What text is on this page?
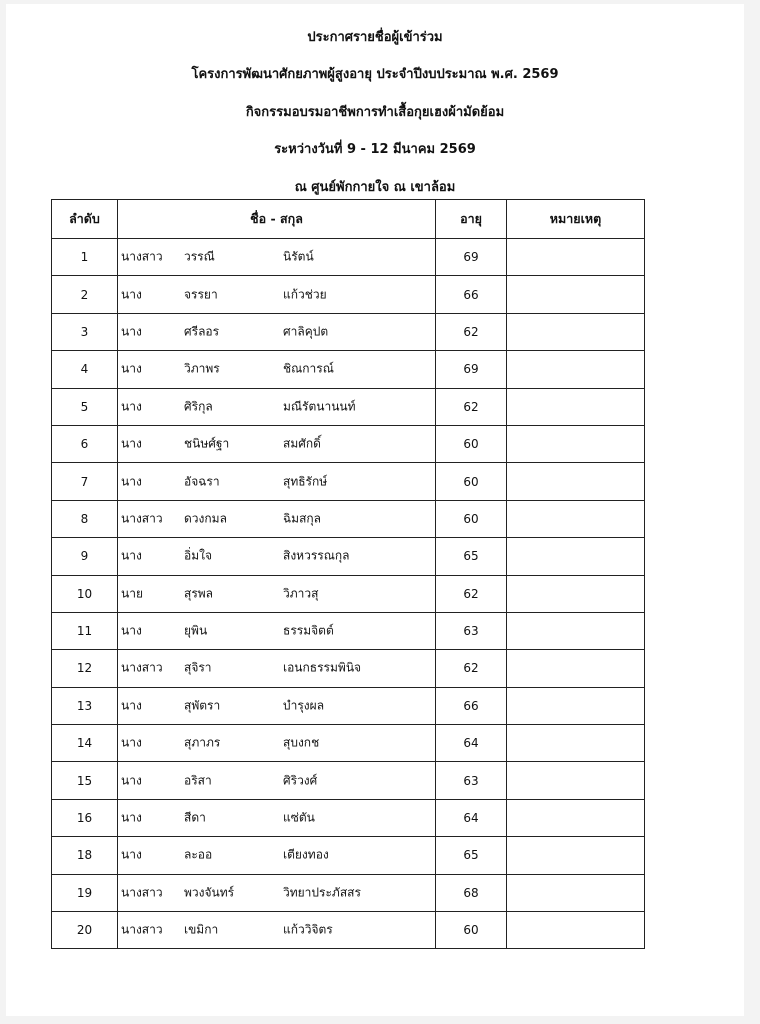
ประกาศรายชื่อผู้เข้าร่วม
โครงการพัฒนาศักยภาพผู้สูงอายุ ประจำปีงบประมาณ พ.ศ. 2569
กิจกรรมอบรมอาชีพการทำเสื้อกุยเฮงผ้ามัดย้อม
ระหว่างวันที่ 9 - 12 มีนาคม 2569
ณ ศูนย์พักกายใจ ณ เขาล้อม
ลำดับ	ชื่อ - สกุล	อายุ	หมายเหตุ
1	นางสาว วรรณี นิรัตน์	69	
2	นาง จรรยา แก้วช่วย	66	
3	นาง ศรีลอร ศาลิคุปต	62	
4	นาง วิภาพร ชิณการณ์	69	
5	นาง ศิริกุล มณีรัตนานนท์	62	
6	นาง ชนิษศ์ฐา สมศักดิ์	60	
7	นาง อัจฉรา สุทธิรักษ์	60	
8	นางสาว ดวงกมล ฉิมสกุล	60	
9	นาง อิ่มใจ สิงหวรรณกุล	65	
10	นาย สุรพล วิภาวสุ	62	
11	นาง ยุพิน ธรรมจิตต์	63	
12	นางสาว สุจิรา เอนกธรรมพินิจ	62	
13	นาง สุพัตรา บำรุงผล	66	
14	นาง สุภาภร สุบงกช	64	
15	นาง อริสา ศิริวงศ์	63	
16	นาง สีดา แซ่ตัน	64	
18	นาง ละออ เตียงทอง	65	
19	นางสาว พวงจันทร์ วิทยาประภัสสร	68	
20	นางสาว เขมิกา แก้ววิจิตร	60	
